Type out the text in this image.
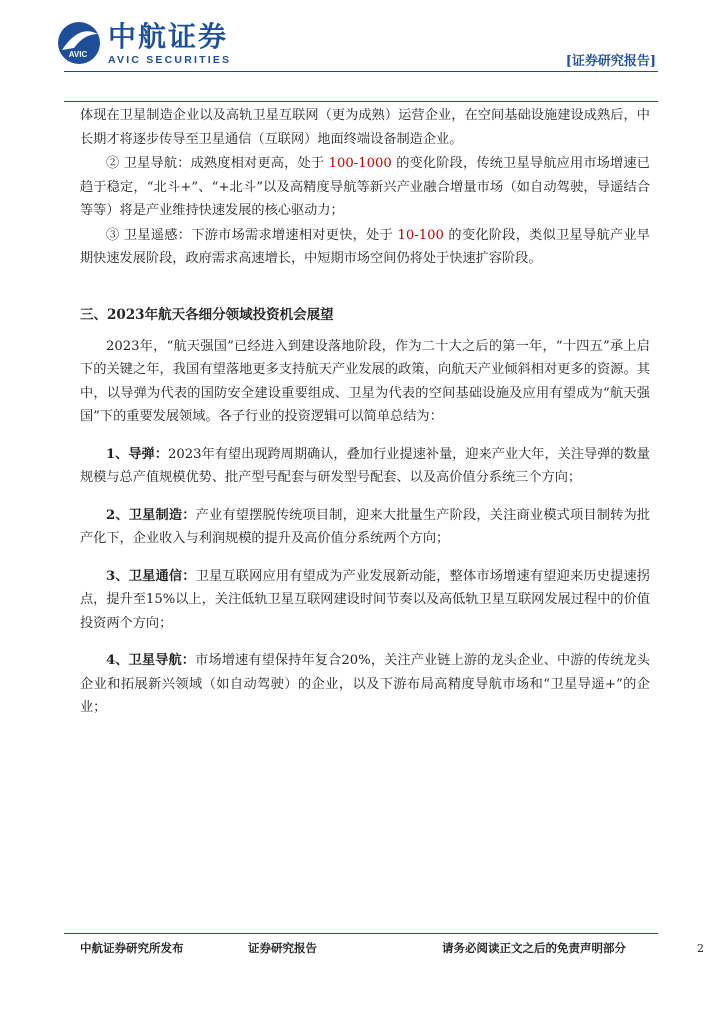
AVIC
中航证券
AVIC SECURITIES	[证券研究报告]

体现在卫星制造企业以及高轨卫星互联网（更为成熟）运营企业，在空间基础设施建设成熟后，中长期才将逐步传导至卫星通信（互联网）地面终端设备制造企业。

② 卫星导航：成熟度相对更高，处于 100-1000 的变化阶段，传统卫星导航应用市场增速已趋于稳定，“北斗+”、“+北斗”以及高精度导航等新兴产业融合增量市场（如自动驾驶，导遥结合等等）将是产业维持快速发展的核心驱动力；

③ 卫星遥感：下游市场需求增速相对更快，处于 10-100 的变化阶段，类似卫星导航产业早期快速发展阶段，政府需求高速增长，中短期市场空间仍将处于快速扩容阶段。

三、2023年航天各细分领域投资机会展望

2023年，“航天强国”已经进入到建设落地阶段，作为二十大之后的第一年，“十四五”承上启下的关键之年，我国有望落地更多支持航天产业发展的政策，向航天产业倾斜相对更多的资源。其中，以导弹为代表的国防安全建设重要组成、卫星为代表的空间基础设施及应用有望成为“航天强国”下的重要发展领域。各子行业的投资逻辑可以简单总结为：

1、导弹：2023年有望出现跨周期确认，叠加行业提速补量，迎来产业大年，关注导弹的数量规模与总产值规模优势、批产型号配套与研发型号配套、以及高价值分系统三个方向；

2、卫星制造：产业有望摆脱传统项目制，迎来大批量生产阶段，关注商业模式项目制转为批产化下，企业收入与利润规模的提升及高价值分系统两个方向；

3、卫星通信：卫星互联网应用有望成为产业发展新动能，整体市场增速有望迎来历史提速拐点，提升至15%以上，关注低轨卫星互联网建设时间节奏以及高低轨卫星互联网发展过程中的价值投资两个方向；

4、卫星导航：市场增速有望保持年复合20%，关注产业链上游的龙头企业、中游的传统龙头企业和拓展新兴领域（如自动驾驶）的企业，以及下游布局高精度导航市场和“卫星导遥+”的企业；

中航证券研究所发布	证券研究报告	请务必阅读正文之后的免责声明部分	2
